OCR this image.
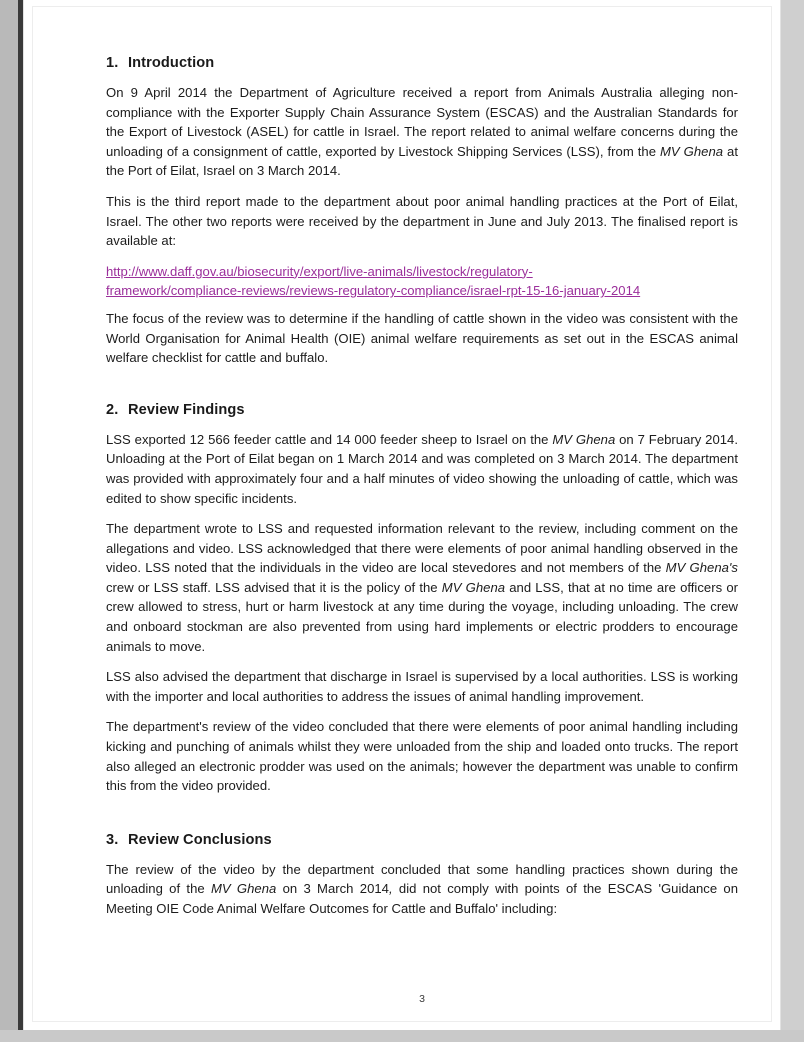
1. Introduction

On 9 April 2014 the Department of Agriculture received a report from Animals Australia alleging non-compliance with the Exporter Supply Chain Assurance System (ESCAS) and the Australian Standards for the Export of Livestock (ASEL) for cattle in Israel. The report related to animal welfare concerns during the unloading of a consignment of cattle, exported by Livestock Shipping Services (LSS), from the MV Ghena at the Port of Eilat, Israel on 3 March 2014.

This is the third report made to the department about poor animal handling practices at the Port of Eilat, Israel. The other two reports were received by the department in June and July 2013. The finalised report is available at:

http://www.daff.gov.au/biosecurity/export/live-animals/livestock/regulatory-
framework/compliance-reviews/reviews-regulatory-compliance/israel-rpt-15-16-january-2014

The focus of the review was to determine if the handling of cattle shown in the video was consistent with the World Organisation for Animal Health (OIE) animal welfare requirements as set out in the ESCAS animal welfare checklist for cattle and buffalo.

2. Review Findings

LSS exported 12 566 feeder cattle and 14 000 feeder sheep to Israel on the MV Ghena on 7 February 2014. Unloading at the Port of Eilat began on 1 March 2014 and was completed on 3 March 2014. The department was provided with approximately four and a half minutes of video showing the unloading of cattle, which was edited to show specific incidents.

The department wrote to LSS and requested information relevant to the review, including comment on the allegations and video. LSS acknowledged that there were elements of poor animal handling observed in the video. LSS noted that the individuals in the video are local stevedores and not members of the MV Ghena's crew or LSS staff. LSS advised that it is the policy of the MV Ghena and LSS, that at no time are officers or crew allowed to stress, hurt or harm livestock at any time during the voyage, including unloading. The crew and onboard stockman are also prevented from using hard implements or electric prodders to encourage animals to move.

LSS also advised the department that discharge in Israel is supervised by a local authorities. LSS is working with the importer and local authorities to address the issues of animal handling improvement.

The department's review of the video concluded that there were elements of poor animal handling including kicking and punching of animals whilst they were unloaded from the ship and loaded onto trucks. The report also alleged an electronic prodder was used on the animals; however the department was unable to confirm this from the video provided.

3. Review Conclusions

The review of the video by the department concluded that some handling practices shown during the unloading of the MV Ghena on 3 March 2014, did not comply with points of the ESCAS 'Guidance on Meeting OIE Code Animal Welfare Outcomes for Cattle and Buffalo' including:

3
